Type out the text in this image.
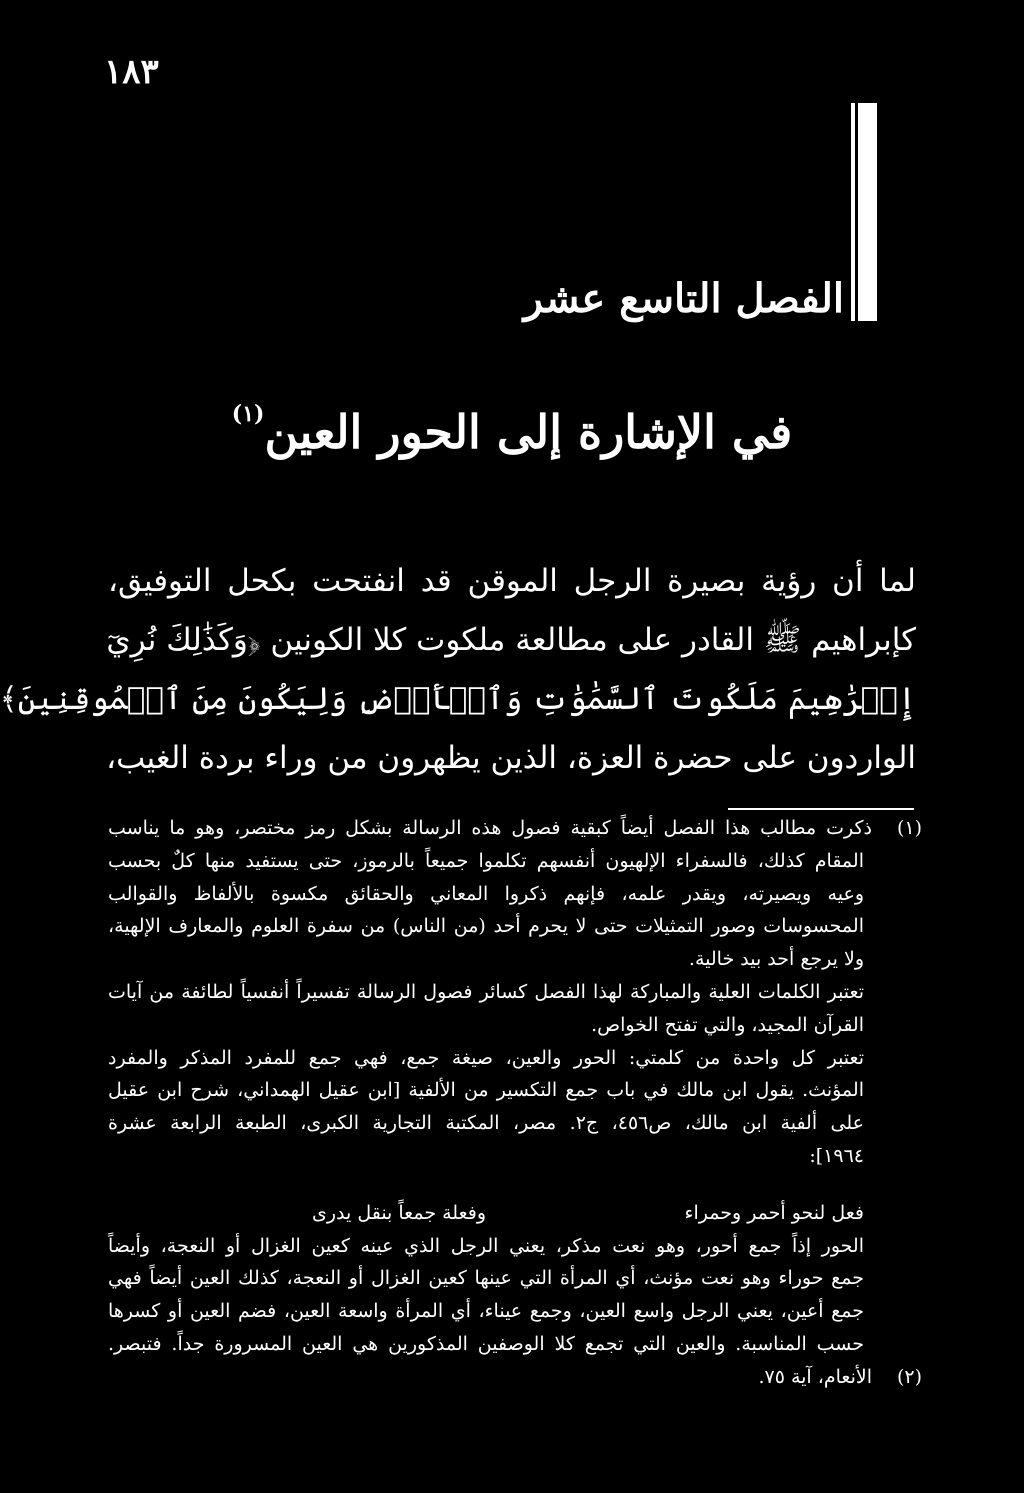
١٨٣
الفصل التاسع عشر
في الإشارة إلى الحور العين$^{(١)}$
لما أن رؤية بصيرة الرجل الموقن قد انفتحت بكحل التوفيق،
كإبراهيم ﷺ القادر على مطالعة ملكوت كلا الكونين ﴿وَكَذَٰلِكَ نُرِيٓ
إِبۡرَٰهِيمَ مَلَكُوتَ ٱلسَّمَٰوَٰتِ وَٱلۡأَرۡضِ وَلِيَكُونَ مِنَ ٱلۡمُوقِنِينَ﴾
الواردون على حضرة العزة، الذين يظهرون من وراء بردة الغيب،
(١)ذكرت مطالب هذا الفصل أيضاً كبقية فصول هذه الرسالة بشكل رمز مختصر، وهو ما يناسب
المقام كذلك، فالسفراء الإلهيون أنفسهم تكلموا جميعاً بالرموز، حتى يستفيد منها كلٌ بحسب
وعيه ويصيرته، ويقدر علمه، فإنهم ذكروا المعاني والحقائق مكسوة بالألفاظ والقوالب
المحسوسات وصور التمثيلات حتى لا يحرم أحد (من الناس) من سفرة العلوم والمعارف الإلهية،
ولا يرجع أحد بيد خالية.
تعتبر الكلمات العلية والمباركة لهذا الفصل كسائر فصول الرسالة تفسيراً أنفسياً لطائفة من آيات
القرآن المجيد، والتي تفتح الخواص.
تعتبر كل واحدة من كلمتي: الحور والعين، صيغة جمع، فهي جمع للمفرد المذكر والمفرد
المؤنث. يقول ابن مالك في باب جمع التكسير من الألفية [ابن عقيل الهمداني، شرح ابن عقيل
على ألفية ابن مالك، ص٤٥٦، ج٢. مصر، المكتبة التجارية الكبرى، الطبعة الرابعة عشرة
١٩٦٤]:
فعل لنحو أحمر وحمراء
وفعلة جمعاً بنقل يدرى
الحور إذاً جمع أحور، وهو نعت مذكر، يعني الرجل الذي عينه كعين الغزال أو النعجة، وأيضاً
جمع حوراء وهو نعت مؤنث، أي المرأة التي عينها كعين الغزال أو النعجة، كذلك العين أيضاً فهي
جمع أعين، يعني الرجل واسع العين، وجمع عيناء، أي المرأة واسعة العين، فضم العين أو كسرها
حسب المناسبة. والعين التي تجمع كلا الوصفين المذكورين هي العين المسرورة جداً. فتبصر.
(٢)الأنعام، آية ٧٥.
